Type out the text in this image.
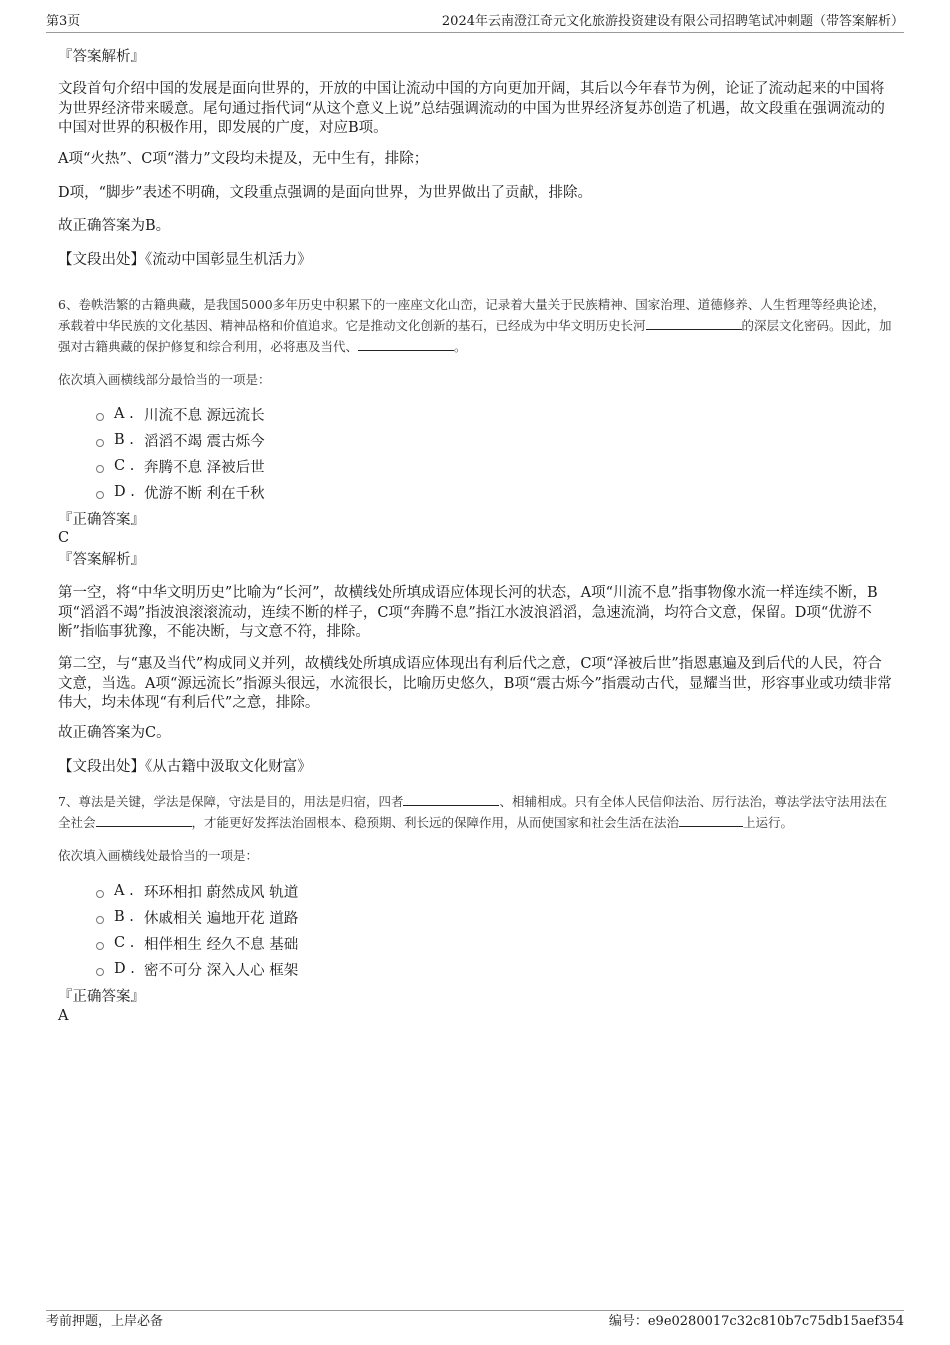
第3页	2024年云南澄江奇元文化旅游投资建设有限公司招聘笔试冲刺题（带答案解析）
『答案解析』
文段首句介绍中国的发展是面向世界的，开放的中国让流动中国的方向更加开阔，其后以今年春节为例，论证了流动起来的中国将为世界经济带来暖意。尾句通过指代词“从这个意义上说”总结强调流动的中国为世界经济复苏创造了机遇，故文段重在强调流动的中国对世界的积极作用，即发展的广度，对应B项。
A项“火热”、C项“潜力”文段均未提及，无中生有，排除；
D项，“脚步”表述不明确，文段重点强调的是面向世界，为世界做出了贡献，排除。
故正确答案为B。
【文段出处】《流动中国彰显生机活力》
6、卷帙浩繁的古籍典藏，是我国5000多年历史中积累下的一座座文化山峦，记录着大量关于民族精神、国家治理、道德修养、人生哲理等经典论述，承载着中华民族的文化基因、精神品格和价值追求。它是推动文化创新的基石，已经成为中华文明历史长河	的深层文化密码。因此，加强对古籍典藏的保护修复和综合利用，必将惠及当代、	。
依次填入画横线部分最恰当的一项是：
A . 川流不息 源远流长
B . 滔滔不竭 震古烁今
C . 奔腾不息 泽被后世
D . 优游不断 利在千秋
『正确答案』
C
『答案解析』
第一空，将“中华文明历史”比喻为“长河”，故横线处所填成语应体现长河的状态，A项“川流不息”指事物像水流一样连续不断，B项“滔滔不竭”指波浪滚滚流动，连续不断的样子，C项“奔腾不息”指江水波浪滔滔，急速流淌，均符合文意，保留。D项“优游不断”指临事犹豫，不能决断，与文意不符，排除。
第二空，与“惠及当代”构成同义并列，故横线处所填成语应体现出有利后代之意，C项“泽被后世”指恩惠遍及到后代的人民，符合文意，当选。A项“源远流长”指源头很远，水流很长，比喻历史悠久，B项“震古烁今”指震动古代，显耀当世，形容事业或功绩非常伟大，均未体现“有利后代”之意，排除。
故正确答案为C。
【文段出处】《从古籍中汲取文化财富》
7、尊法是关键，学法是保障，守法是目的，用法是归宿，四者	、相辅相成。只有全体人民信仰法治、厉行法治，尊法学法守法用法在全社会	，才能更好发挥法治固根本、稳预期、利长远的保障作用，从而使国家和社会生活在法治	上运行。
依次填入画横线处最恰当的一项是：
A . 环环相扣 蔚然成风 轨道
B . 休戚相关 遍地开花 道路
C . 相伴相生 经久不息 基础
D . 密不可分 深入人心 框架
『正确答案』
A
考前押题，上岸必备	编号：e9e0280017c32c810b7c75db15aef354
